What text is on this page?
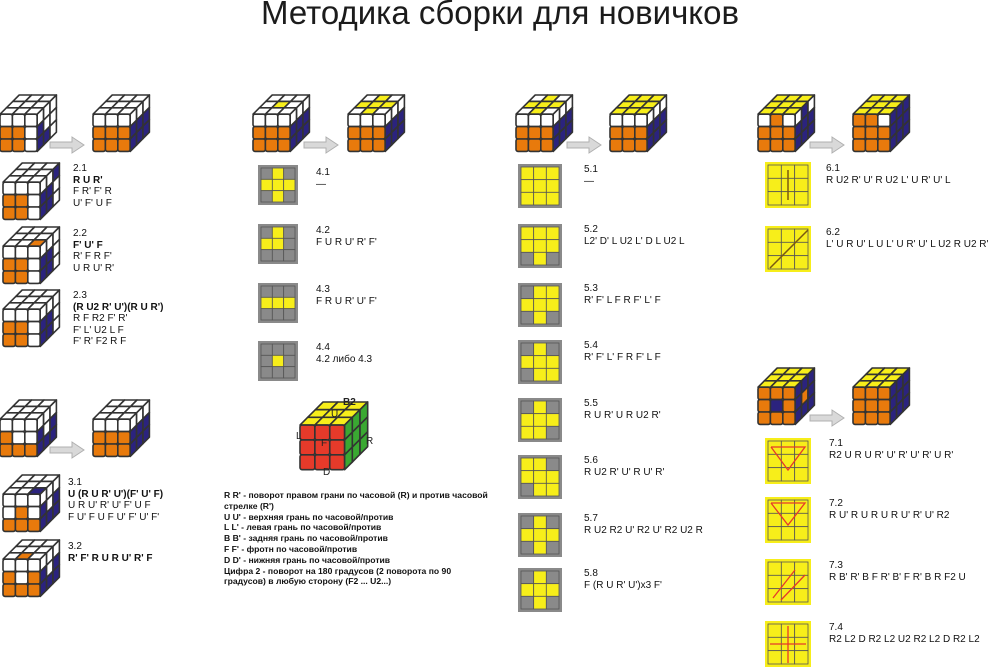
Методика сборки для новичков
B2
U
L
F	R
D
2.1
R U R'
F R' F' R
U' F' U F
2.2
F' U' F
R' F R F'
U R U' R'
2.3
(R U2 R' U')(R U R')
R F R2 F' R'
F' L' U2 L F
F' R' F2 R F
3.1
U (R U R' U')(F' U' F)
U R U' R' U' F' U F
F U' F U F U' F' U' F'
3.2
R' F' R U R U' R' F
4.1
—
4.2
F U R U' R' F'
4.3
F R U R' U' F'
4.4
4.2 либо 4.3
5.1
—
5.2
L2' D' L U2 L' D L U2 L
5.3
R' F' L F R F' L' F
5.4
R' F' L' F R F' L F
5.5
R U R' U R U2 R'
5.6
R U2 R' U' R U' R'
5.7
R U2 R2 U' R2 U' R2 U2 R
5.8
F (R U R' U')x3 F'
6.1
R U2 R' U' R U2 L' U R' U' L
6.2
L' U R U' L U L' U R' U' L U2 R U2 R'
7.1
R2 U R U R' U' R' U' R' U R'
7.2
R U' R U R U R U' R' U' R2
7.3
R B' R' B F R' B' F R' B R F2 U
7.4
R2 L2 D R2 L2 U2 R2 L2 D R2 L2
R R' - поворот правом грани по часовой (R) и против часовой стрелке (R')
U U' - верхняя грань по часовой/против
L L' - левая грань по часовой/против
B B' - задняя грань по часовой/против
F F' - фротн по часовой/против
D D' - нижняя грань по часовой/против
Цифра 2 - поворот на 180 градусов (2 поворота по 90 градусов) в любую сторону (F2 ... U2...)
